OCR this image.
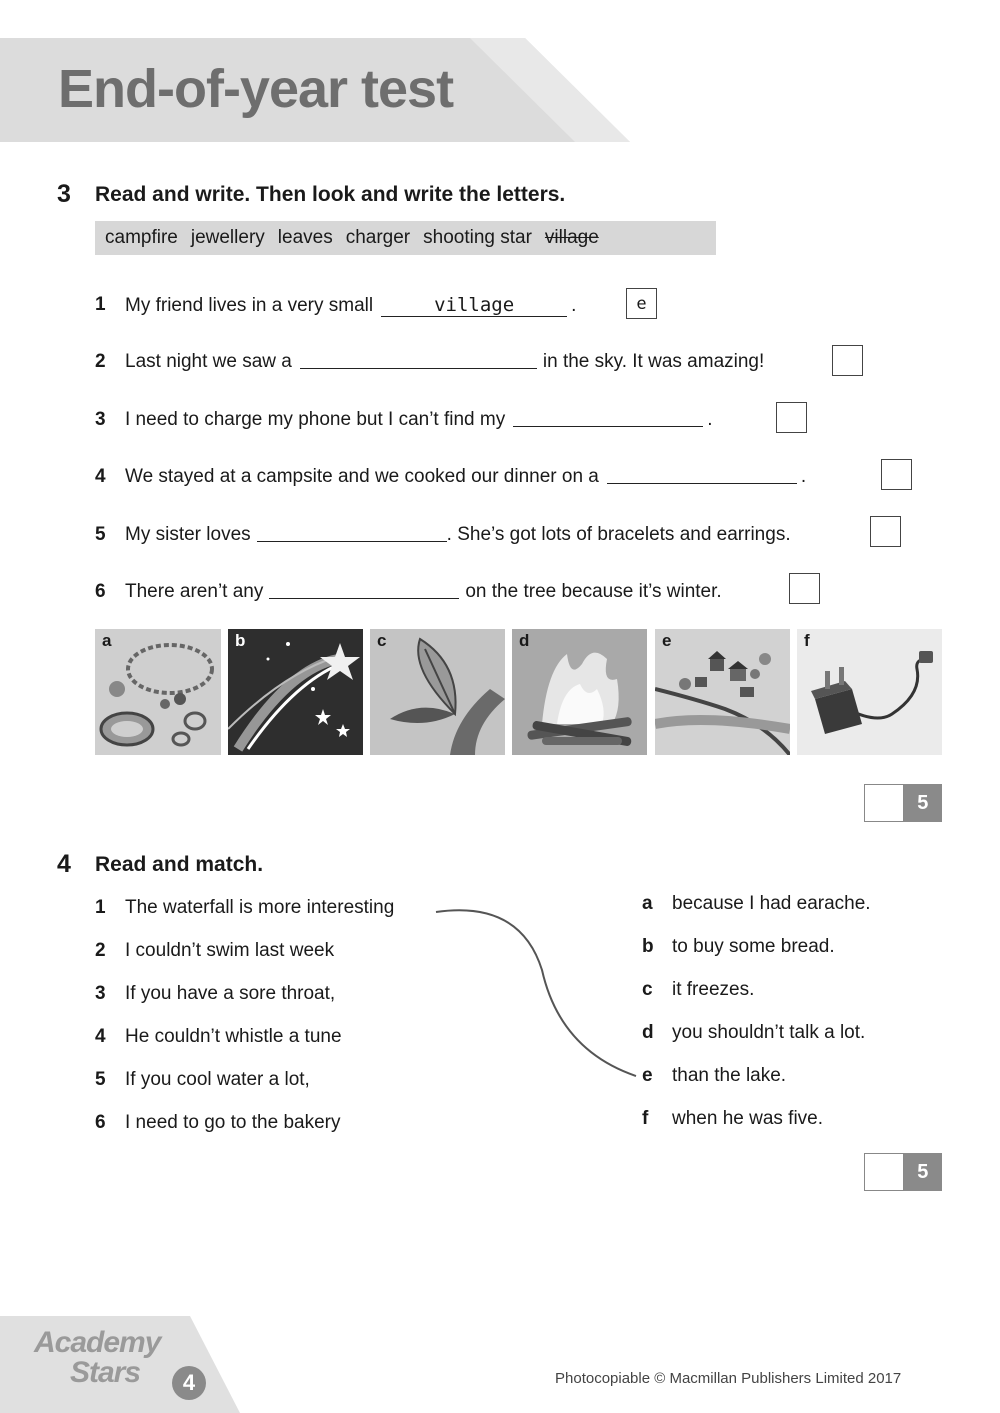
End-of-year test
3 Read and write. Then look and write the letters.
campfire jewellery leaves charger shooting star village
1 My friend lives in a very small	village	.	e
2 Last night we saw a	in the sky. It was amazing!
3 I need to charge my phone but I can’t find my	.
4 We stayed at a campsite and we cooked our dinner on a	.
5 My sister loves	. She’s got lots of bracelets and earrings.
6 There aren’t any	on the tree because it’s winter.
a	b	c	d	e	f
5
4 Read and match.
1 The waterfall is more interesting
2 I couldn’t swim last week
3 If you have a sore throat,
4 He couldn’t whistle a tune
5 If you cool water a lot,
6 I need to go to the bakery
a because I had earache.
b to buy some bread.
c it freezes.
d you shouldn’t talk a lot.
e than the lake.
f when he was five.
5
Academy
Stars	4	Photocopiable © Macmillan Publishers Limited 2017
